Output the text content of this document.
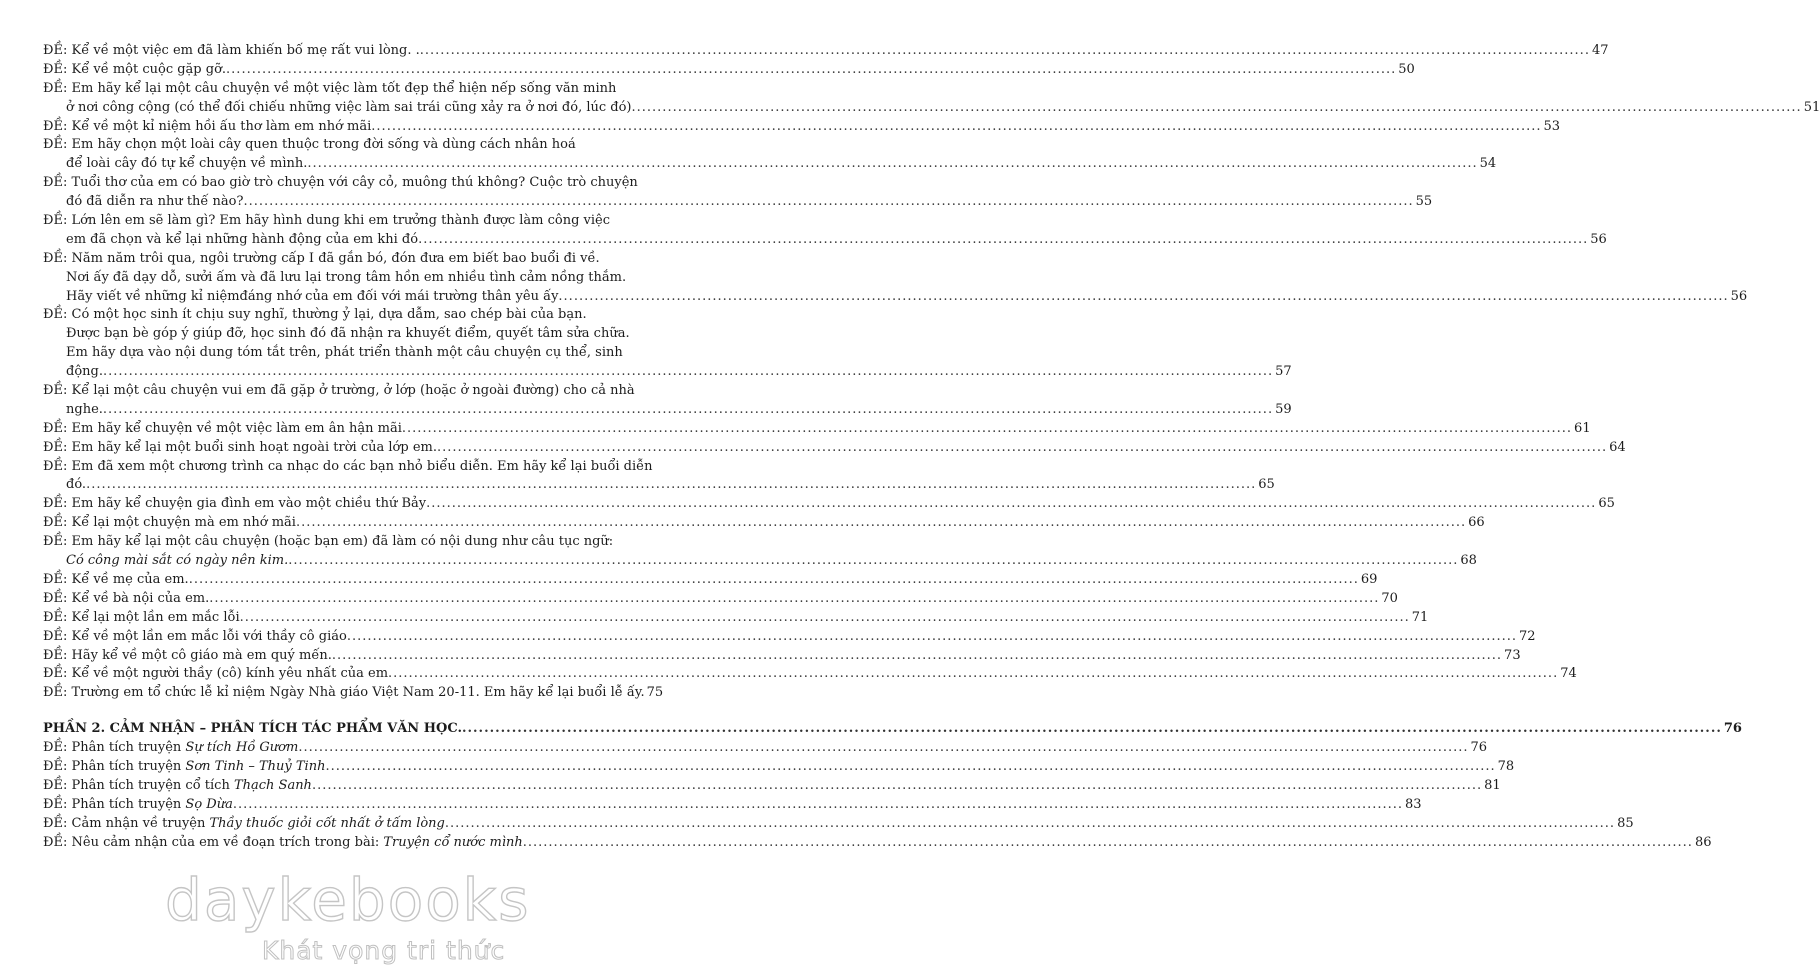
ĐỀ: Kể về một việc em đã làm khiến bố mẹ rất vui lòng. . .....	47
ĐỀ: Kể về một cuộc gặp gỡ. .....	50
ĐỀ: Em hãy kể lại một câu chuyện về một việc làm tốt đẹp thể hiện nếp sống văn minh
ở nơi công cộng (có thể đối chiếu những việc làm sai trái cũng xảy ra ở nơi đó, lúc đó) .....	51
ĐỀ: Kể về một kỉ niệm hồi ấu thơ làm em nhớ mãi .....	53
ĐỀ: Em hãy chọn một loài cây quen thuộc trong đời sống và dùng cách nhân hoá
để loài cây đó tự kể chuyện về mình. .....	54
ĐỀ: Tuổi thơ của em có bao giờ trò chuyện với cây cỏ, muông thú không? Cuộc trò chuyện
đó đã diễn ra như thế nào? .....	55
ĐỀ: Lớn lên em sẽ làm gì? Em hãy hình dung khi em trưởng thành được làm công việc
em đã chọn và kể lại những hành động của em khi đó .....	56
ĐỀ: Năm năm trôi qua, ngôi trường cấp I đã gắn bó, đón đưa em biết bao buổi đi về.
Nơi ấy đã dạy dỗ, sưởi ấm và đã lưu lại trong tâm hồn em nhiều tình cảm nồng thắm.
Hãy viết về những kỉ niệmđáng nhớ của em đối với mái trường thân yêu ấy .....	56
ĐỀ: Có một học sinh ít chịu suy nghĩ, thường ỷ lại, dựa dẫm, sao chép bài của bạn.
Được bạn bè góp ý giúp đỡ, học sinh đó đã nhận ra khuyết điểm, quyết tâm sửa chữa.
Em hãy dựa vào nội dung tóm tắt trên, phát triển thành một câu chuyện cụ thể, sinh
động. .....	57
ĐỀ: Kể lại một câu chuyện vui em đã gặp ở trường, ở lớp (hoặc ở ngoài đường) cho cả nhà
nghe. .....	59
ĐỀ: Em hãy kể chuyện về một việc làm em ân hận mãi .....	61
ĐỀ: Em hãy kể lại một buổi sinh hoạt ngoài trời của lớp em. .....	64
ĐỀ: Em đã xem một chương trình ca nhạc do các bạn nhỏ biểu diễn. Em hãy kể lại buổi diễn
đó. .....	65
ĐỀ: Em hãy kể chuyện gia đình em vào một chiều thứ Bảy .....	65
ĐỀ: Kể lại một chuyện mà em nhớ mãi .....	66
ĐỀ: Em hãy kể lại một câu chuyện (hoặc bạn em) đã làm có nội dung như câu tục ngữ:
Có công mài sắt có ngày nên kim. .....	68
ĐỀ: Kể về mẹ của em. .....	69
ĐỀ: Kể về bà nội của em. .....	70
ĐỀ: Kể lại một lần em mắc lỗi .....	71
ĐỀ: Kể về một lần em mắc lỗi với thầy cô giáo .....	72
ĐỀ: Hãy kể về một cô giáo mà em quý mến. .....	73
ĐỀ: Kể về một người thầy (cô) kính yêu nhất của em .....	74
ĐỀ: Trường em tổ chức lễ kỉ niệm Ngày Nhà giáo Việt Nam 20-11. Em hãy kể lại buổi lễ ấy. 75
PHẦN 2. CẢM NHẬN – PHÂN TÍCH TÁC PHẨM VĂN HỌC. .....	76
ĐỀ: Phân tích truyện Sự tích Hồ Gươm .....	76
ĐỀ: Phân tích truyện Sơn Tinh – Thuỷ Tinh .....	78
ĐỀ: Phân tích truyện cổ tích Thạch Sanh .....	81
ĐỀ: Phân tích truyện Sọ Dừa .....	83
ĐỀ: Cảm nhận về truyện Thầy thuốc giỏi cốt nhất ở tấm lòng .....	85
ĐỀ: Nêu cảm nhận của em về đoạn trích trong bài: Truyện cổ nước mình .....	86
daykebooks
Khát vọng tri thức
